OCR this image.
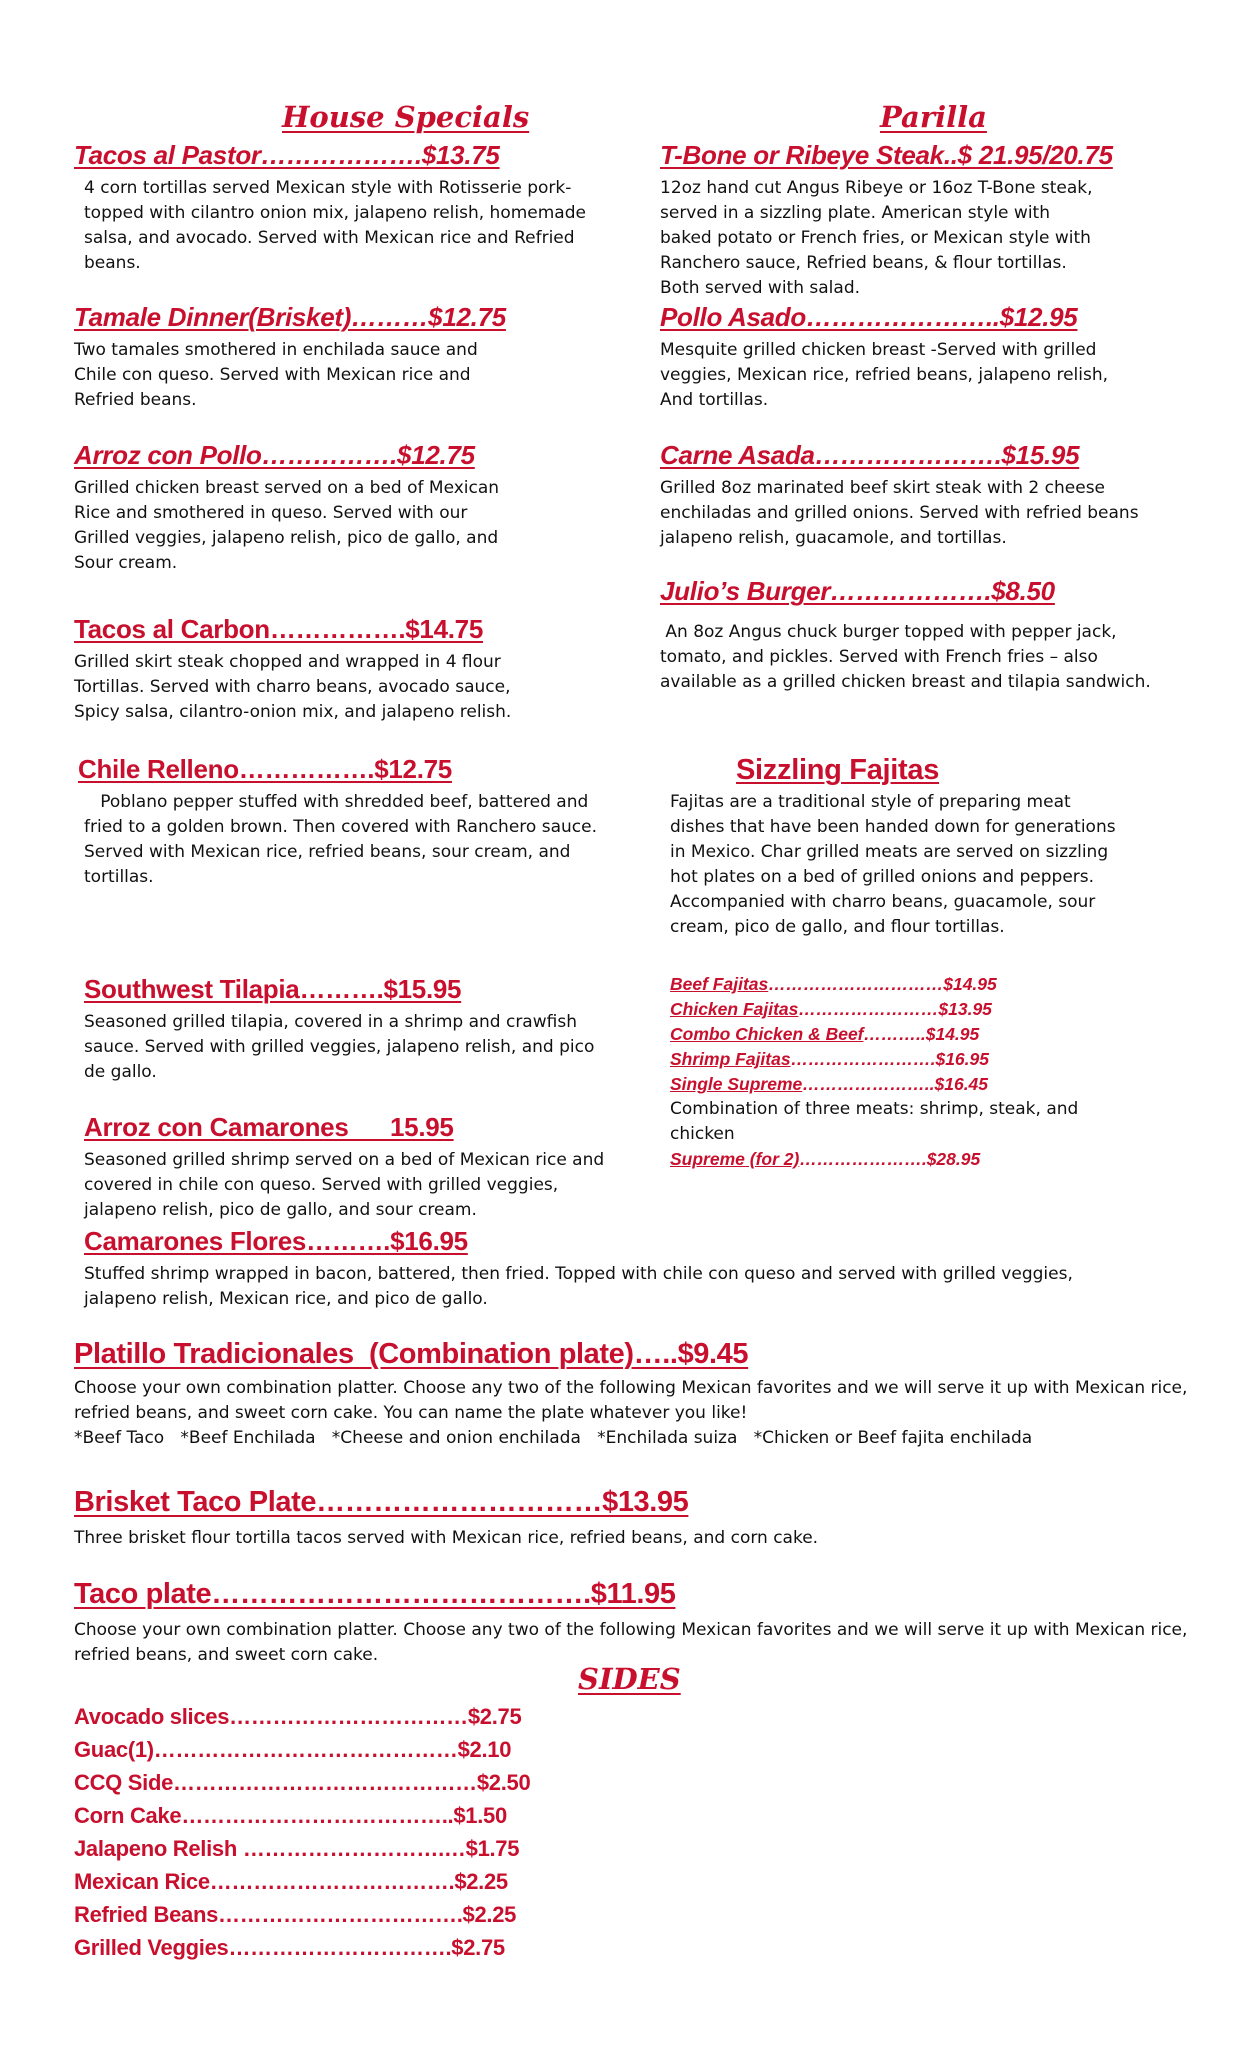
House Specials	Parilla
Tacos al Pastor……………….$13.75
4 corn tortillas served Mexican style with Rotisserie pork-
topped with cilantro onion mix, jalapeno relish, homemade
salsa, and avocado. Served with Mexican rice and Refried
beans.
Tamale Dinner(Brisket)………$12.75
Two tamales smothered in enchilada sauce and
Chile con queso. Served with Mexican rice and
Refried beans.
Arroz con Pollo…………….$12.75
Grilled chicken breast served on a bed of Mexican
Rice and smothered in queso. Served with our
Grilled veggies, jalapeno relish, pico de gallo, and
Sour cream.
Tacos al Carbon…………….$14.75
Grilled skirt steak chopped and wrapped in 4 flour
Tortillas. Served with charro beans, avocado sauce,
Spicy salsa, cilantro-onion mix, and jalapeno relish.
Chile Relleno…………….$12.75
Poblano pepper stuffed with shredded beef, battered and
fried to a golden brown. Then covered with Ranchero sauce.
Served with Mexican rice, refried beans, sour cream, and
tortillas.
Southwest Tilapia……….$15.95
Seasoned grilled tilapia, covered in a shrimp and crawfish
sauce. Served with grilled veggies, jalapeno relish, and pico
de gallo.
Arroz con Camarones      15.95
Seasoned grilled shrimp served on a bed of Mexican rice and
covered in chile con queso. Served with grilled veggies,
jalapeno relish, pico de gallo, and sour cream.
Camarones Flores……….$16.95
Stuffed shrimp wrapped in bacon, battered, then fried. Topped with chile con queso and served with grilled veggies,
jalapeno relish, Mexican rice, and pico de gallo.
T-Bone or Ribeye Steak..$ 21.95/20.75
12oz hand cut Angus Ribeye or 16oz T-Bone steak,
served in a sizzling plate. American style with
baked potato or French fries, or Mexican style with
Ranchero sauce, Refried beans, & flour tortillas.
Both served with salad.
Pollo Asado…………………..$12.95
Mesquite grilled chicken breast -Served with grilled
veggies, Mexican rice, refried beans, jalapeno relish,
And tortillas.
Carne Asada………………….$15.95
Grilled 8oz marinated beef skirt steak with 2 cheese
enchiladas and grilled onions. Served with refried beans
jalapeno relish, guacamole, and tortillas.
Julio’s Burger……………….$8.50
An 8oz Angus chuck burger topped with pepper jack,
tomato, and pickles. Served with French fries – also
available as a grilled chicken breast and tilapia sandwich.
Sizzling Fajitas
Fajitas are a traditional style of preparing meat
dishes that have been handed down for generations
in Mexico. Char grilled meats are served on sizzling
hot plates on a bed of grilled onions and peppers.
Accompanied with charro beans, guacamole, sour
cream, pico de gallo, and flour tortillas.
Beef Fajitas…………………………$14.95
Chicken Fajitas……………………$13.95
Combo Chicken & Beef………..$14.95
Shrimp Fajitas…………………….$16.95
Single Supreme…………………..$16.45
Combination of three meats: shrimp, steak, and
chicken
Supreme (for 2)………………….$28.95
Platillo Tradicionales  (Combination plate)…..$9.45
Choose your own combination platter. Choose any two of the following Mexican favorites and we will serve it up with Mexican rice,
refried beans, and sweet corn cake. You can name the plate whatever you like!
*Beef Taco   *Beef Enchilada   *Cheese and onion enchilada   *Enchilada suiza   *Chicken or Beef fajita enchilada
Brisket Taco Plate…………………………$13.95
Three brisket flour tortilla tacos served with Mexican rice, refried beans, and corn cake.
Taco plate………………………………….$11.95
Choose your own combination platter. Choose any two of the following Mexican favorites and we will serve it up with Mexican rice,
refried beans, and sweet corn cake.
SIDES
Avocado slices……………………………$2.75
Guac(1)……………………………………$2.10
CCQ Side……………………………………$2.50
Corn Cake………………………………..$1.50
Jalapeno Relish ……………………….…$1.75
Mexican Rice…………………………….$2.25
Refried Beans…………………………….$2.25
Grilled Veggies………………………….$2.75
